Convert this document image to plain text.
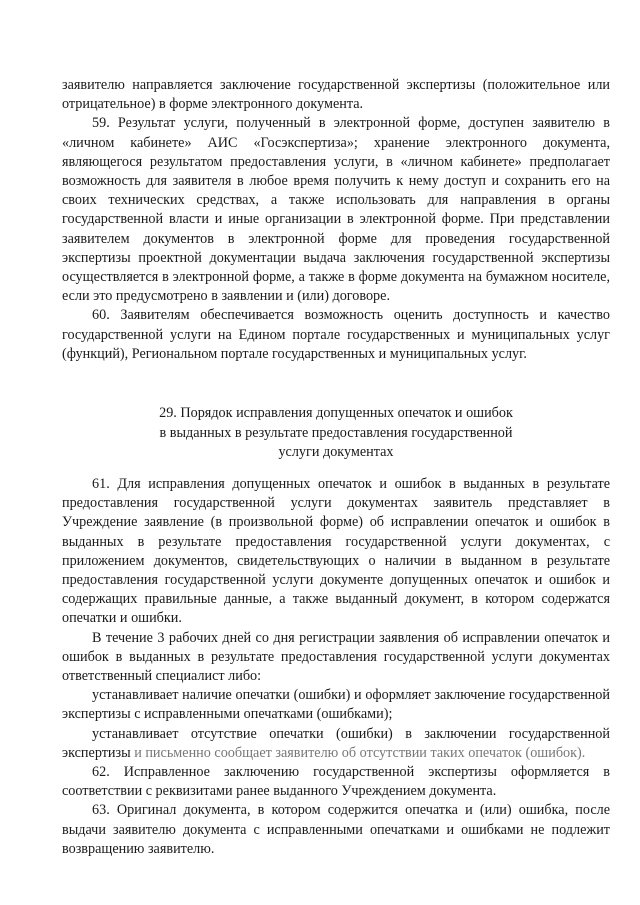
заявителю направляется заключение государственной экспертизы (положительное или отрицательное) в форме электронного документа.

59. Результат услуги, полученный в электронной форме, доступен заявителю в «личном кабинете» АИС «Госэкспертиза»; хранение электронного документа, являющегося результатом предоставления услуги, в «личном кабинете» предполагает возможность для заявителя в любое время получить к нему доступ и сохранить его на своих технических средствах, а также использовать для направления в органы государственной власти и иные организации в электронной форме. При представлении заявителем документов в электронной форме для проведения государственной экспертизы проектной документации выдача заключения государственной экспертизы осуществляется в электронной форме, а также в форме документа на бумажном носителе, если это предусмотрено в заявлении и (или) договоре.

60. Заявителям обеспечивается возможность оценить доступность и качество государственной услуги на Едином портале государственных и муниципальных услуг (функций), Региональном портале государственных и муниципальных услуг.

29. Порядок исправления допущенных опечаток и ошибок
в выданных в результате предоставления государственной
услуги документах

61. Для исправления допущенных опечаток и ошибок в выданных в результате предоставления государственной услуги документах заявитель представляет в Учреждение заявление (в произвольной форме) об исправлении опечаток и ошибок в выданных в результате предоставления государственной услуги документах, с приложением документов, свидетельствующих о наличии в выданном в результате предоставления государственной услуги документе допущенных опечаток и ошибок и содержащих правильные данные, а также выданный документ, в котором содержатся опечатки и ошибки.

В течение 3 рабочих дней со дня регистрации заявления об исправлении опечаток и ошибок в выданных в результате предоставления государственной услуги документах ответственный специалист либо:

устанавливает наличие опечатки (ошибки) и оформляет заключение государственной экспертизы с исправленными опечатками (ошибками);

устанавливает отсутствие опечатки (ошибки) в заключении государственной экспертизы и письменно сообщает заявителю об отсутствии таких опечаток (ошибок).

62. Исправленное заключению государственной экспертизы оформляется в соответствии с реквизитами ранее выданного Учреждением документа.

63. Оригинал документа, в котором содержится опечатка и (или) ошибка, после выдачи заявителю документа с исправленными опечатками и ошибками не подлежит возвращению заявителю.
